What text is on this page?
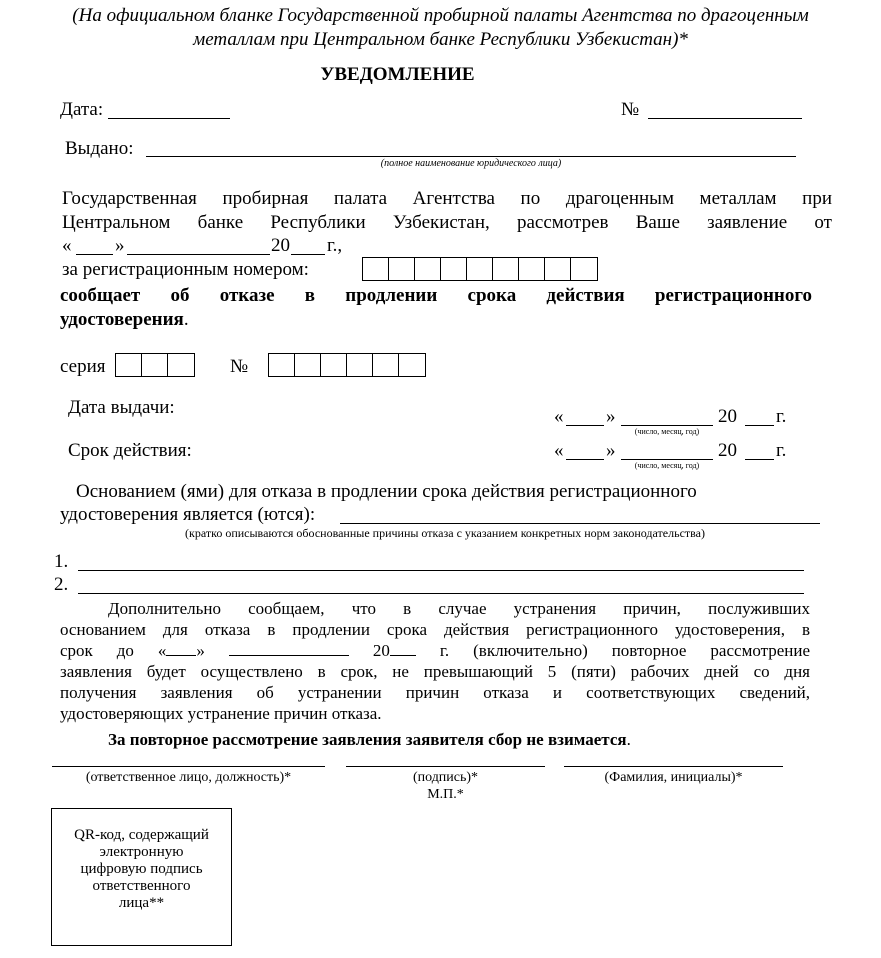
(На официальном бланке Государственной пробирной палаты Агентства по драгоценным
металлам при Центральном банке Республики Узбекистан)*
УВЕДОМЛЕНИЕ
Дата:	№
Выдано:
(полное наименование юридического лица)
Государственная пробирная палата Агентства по драгоценным металлам при
Центральном банке Республики Узбекистан, рассмотрев Ваше заявление от
« »	20 г.,
за регистрационным номером:
сообщает об отказе в продлении срока действия регистрационного
удостоверения.
серия	№
Дата выдачи:	« »
(число, месяц, год)
20 г.
Срок действия:	« »
(число, месяц, год)
20 г.
Основанием (ями) для отказа в продлении срока действия регистрационного
удостоверения является (ются):
(кратко описываются обоснованные причины отказа с указанием конкретных норм законодательства)
1.
2.
Дополнительно сообщаем, что в случае устранения причин, послуживших
основанием для отказа в продлении срока действия регистрационного удостоверения, в
срок до « »	20	г. (включительно) повторное рассмотрение
заявления будет осуществлено в срок, не превышающий 5 (пяти) рабочих дней со дня
получения заявления об устранении причин отказа и соответствующих сведений,
удостоверяющих устранение причин отказа.
За повторное рассмотрение заявления заявителя сбор не взимается.
(ответственное лицо, должность)*	(подпись)*
М.П.*
(Фамилия, инициалы)*
QR-код, содержащий
электронную
цифровую подпись
ответственного
лица**
